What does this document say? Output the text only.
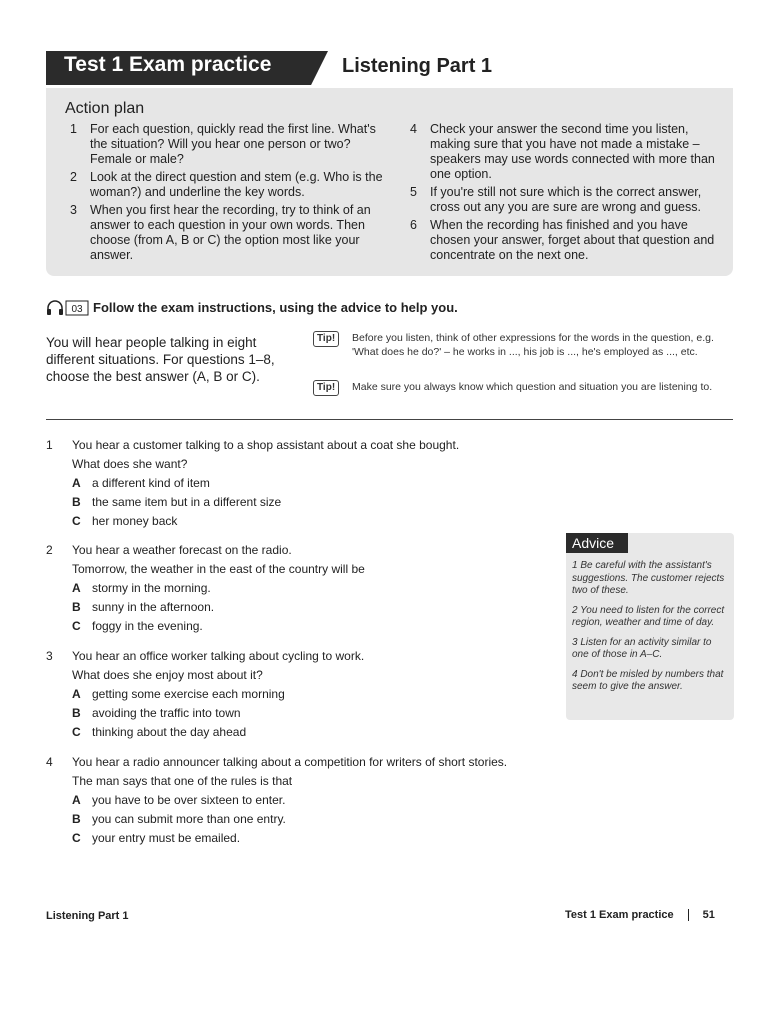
Test 1 Exam practice	Listening Part 1
Action plan
1	For each question, quickly read the first line. What's the situation? Will you hear one person or two? Female or male?
2	Look at the direct question and stem (e.g. Who is the woman?) and underline the key words.
3	When you first hear the recording, try to think of an answer to each question in your own words. Then choose (from A, B or C) the option most like your answer.
4	Check your answer the second time you listen, making sure that you have not made a mistake – speakers may use words connected with more than one option.
5	If you're still not sure which is the correct answer, cross out any you are sure are wrong and guess.
6	When the recording has finished and you have chosen your answer, forget about that question and concentrate on the next one.
03 Follow the exam instructions, using the advice to help you.
You will hear people talking in eight different situations. For questions 1–8, choose the best answer (A, B or C).
Tip!	Before you listen, think of other expressions for the words in the question, e.g. 'What does he do?' – he works in ..., his job is ..., he's employed as ..., etc.
Tip!	Make sure you always know which question and situation you are listening to.
1	You hear a customer talking to a shop assistant about a coat she bought.
What does she want?
A a different kind of item
B the same item but in a different size
C her money back
2	You hear a weather forecast on the radio.
Tomorrow, the weather in the east of the country will be
A stormy in the morning.
B sunny in the afternoon.
C foggy in the evening.
3	You hear an office worker talking about cycling to work.
What does she enjoy most about it?
A getting some exercise each morning
B avoiding the traffic into town
C thinking about the day ahead
4	You hear a radio announcer talking about a competition for writers of short stories.
The man says that one of the rules is that
A you have to be over sixteen to enter.
B you can submit more than one entry.
C your entry must be emailed.
Advice
1 Be careful with the assistant's suggestions. The customer rejects two of these.
2 You need to listen for the correct region, weather and time of day.
3 Listen for an activity similar to one of those in A–C.
4 Don't be misled by numbers that seem to give the answer.
Listening Part 1	Test 1 Exam practice	51
